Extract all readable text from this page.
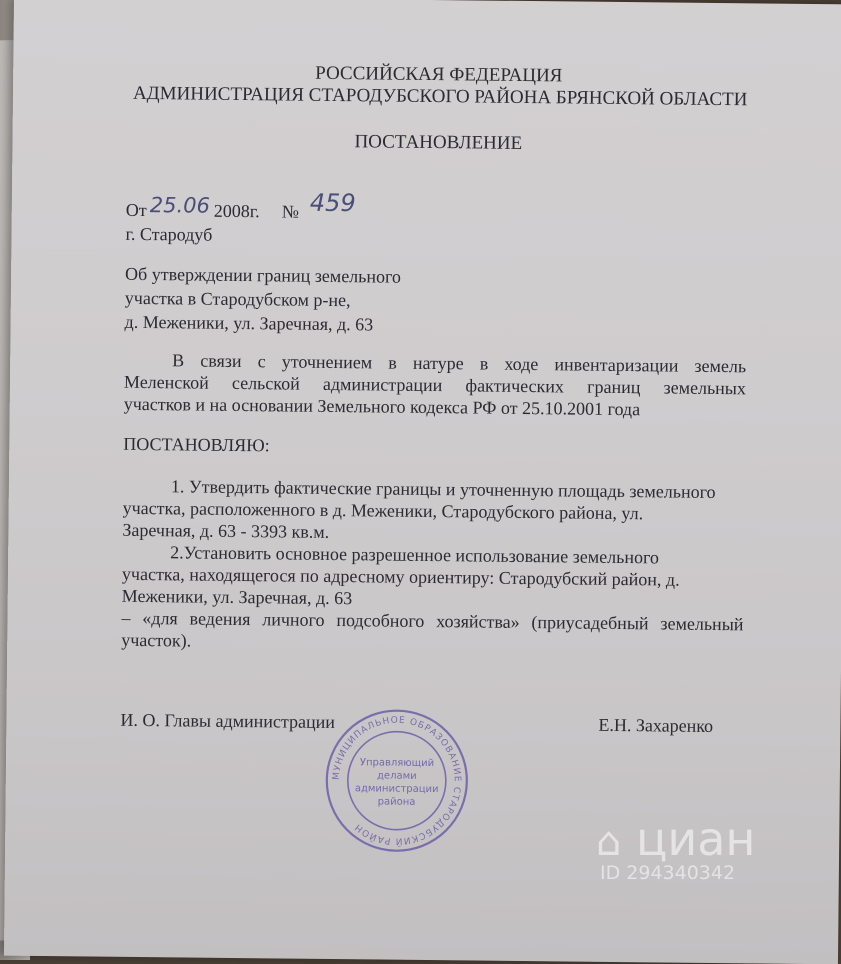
РОССИЙСКАЯ ФЕДЕРАЦИЯ
АДМИНИСТРАЦИЯ СТАРОДУБСКОГО РАЙОНА БРЯНСКОЙ ОБЛАСТИ
ПОСТАНОВЛЕНИЕ
От 25.06 2008г. № 459
г. Стародуб
Об утверждении границ земельного
участка в Стародубском р-не,
д. Меженики, ул. Заречная, д. 63
В связи с уточнением в натуре в ходе инвентаризации земель
Меленской сельской администрации фактических границ земельных
участков и на основании Земельного кодекса РФ от 25.10.2001 года
ПОСТАНОВЛЯЮ:
1. Утвердить фактические границы и уточненную площадь земельного
участка, расположенного в д. Меженики, Стародубского района, ул.
Заречная, д. 63 - 3393 кв.м.
2.Установить основное разрешенное использование земельного
участка, находящегося по адресному ориентиру: Стародубский район, д.
Меженики, ул. Заречная, д. 63
– «для ведения личного подсобного хозяйства» (приусадебный земельный
участок).
И. О. Главы администрации	Е.Н. Захаренко
МУНИЦИПАЛЬНОЕ ОБРАЗОВАНИЕ СТАРОДУБСКИЙ РАЙОН
Управляющий
делами
администрации
района
⌂ циан
ID 294340342
